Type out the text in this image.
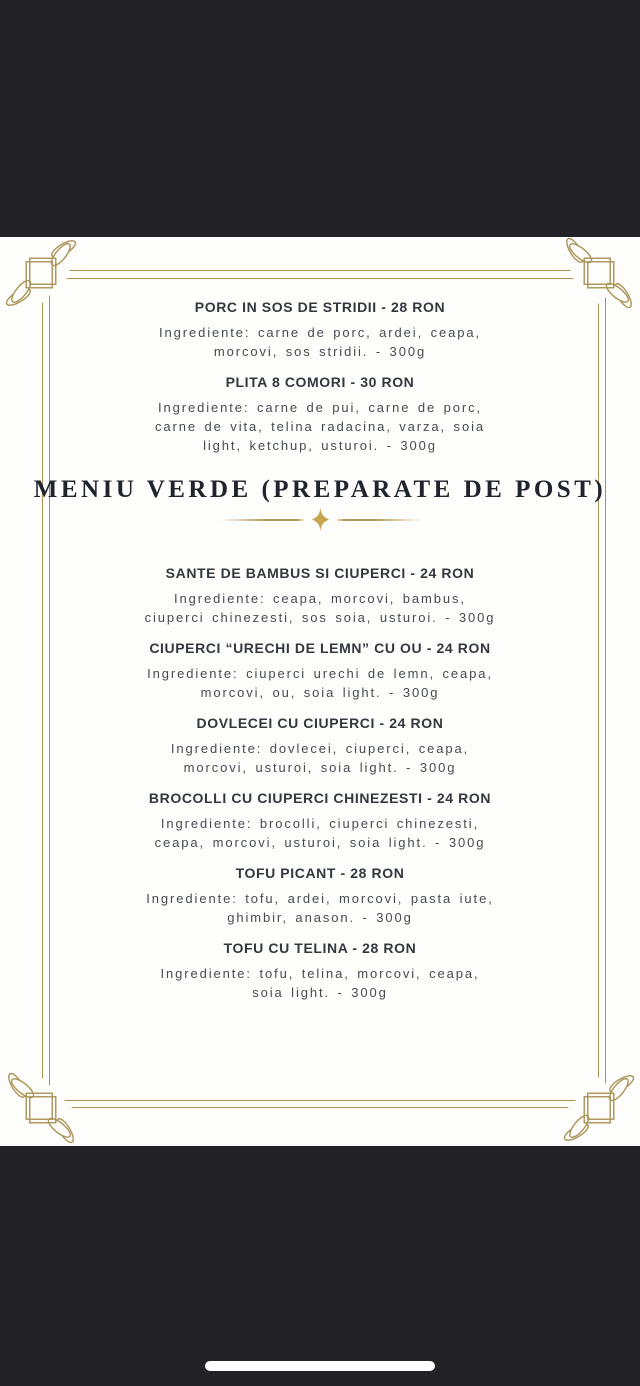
PORC IN SOS DE STRIDII - 28 RON

Ingrediente: carne de porc, ardei, ceapa, morcovi, sos stridii. - 300g

PLITA 8 COMORI - 30 RON

Ingrediente: carne de pui, carne de porc, carne de vita, telina radacina, varza, soia light, ketchup, usturoi. - 300g

MENIU VERDE (PREPARATE DE POST)
SANTE DE BAMBUS SI CIUPERCI - 24 RON

Ingrediente: ceapa, morcovi, bambus, ciuperci chinezesti, sos soia, usturoi. - 300g

CIUPERCI “URECHI DE LEMN” CU OU - 24 RON

Ingrediente: ciuperci urechi de lemn, ceapa, morcovi, ou, soia light. - 300g

DOVLECEI CU CIUPERCI - 24 RON

Ingrediente: dovlecei, ciuperci, ceapa, morcovi, usturoi, soia light. - 300g

BROCOLLI CU CIUPERCI CHINEZESTI - 24 RON

Ingrediente: brocolli, ciuperci chinezesti, ceapa, morcovi, usturoi, soia light. - 300g

TOFU PICANT - 28 RON

Ingrediente: tofu, ardei, morcovi, pasta iute, ghimbir, anason. - 300g

TOFU CU TELINA - 28 RON

Ingrediente: tofu, telina, morcovi, ceapa, soia light. - 300g
